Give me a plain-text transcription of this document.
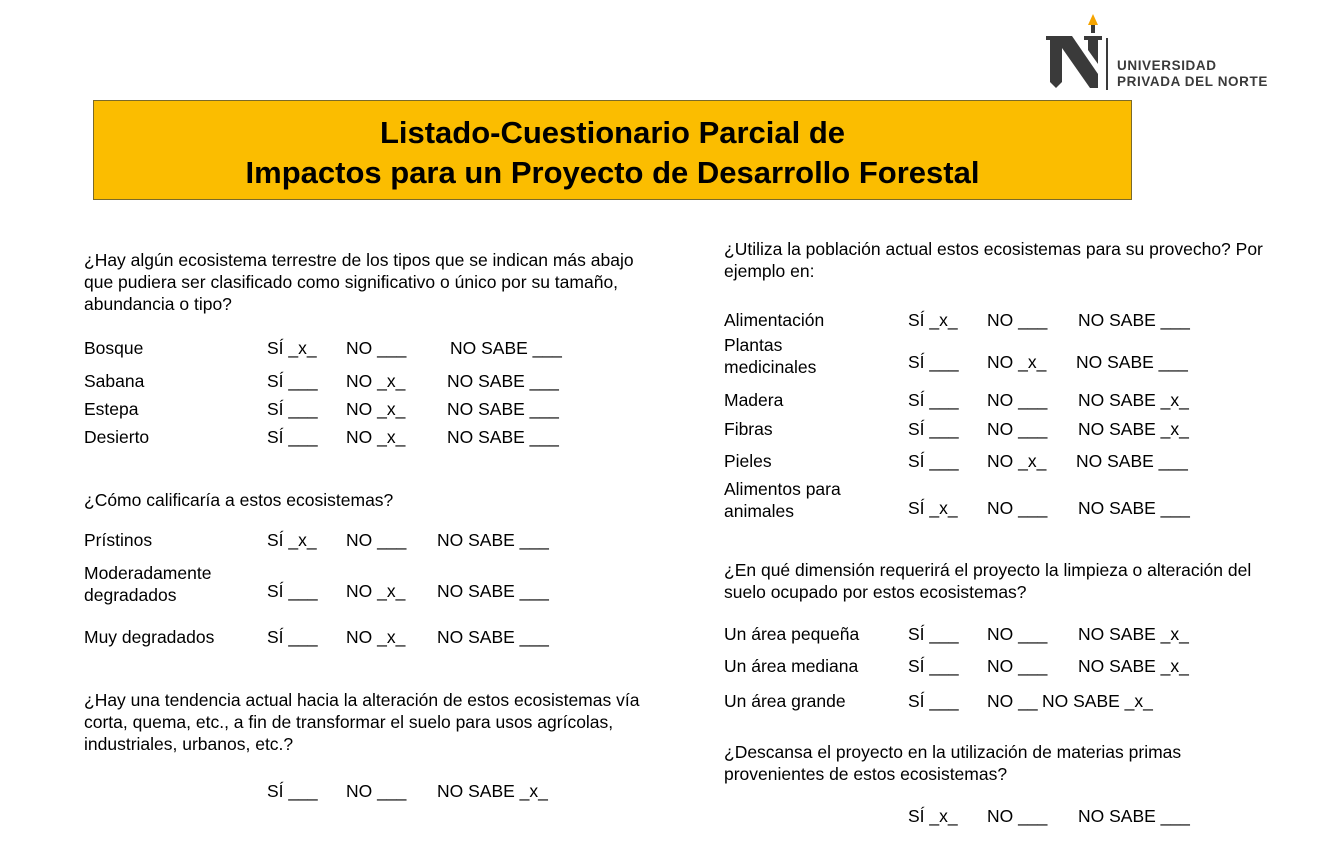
UNIVERSIDAD
PRIVADA DEL NORTE
Listado-Cuestionario Parcial de
Impactos para un Proyecto de Desarrollo Forestal
¿Hay algún ecosistema terrestre de los tipos que se indican más abajo que pudiera ser clasificado como significativo o único por su tamaño, abundancia o tipo?
Bosque	SÍ _x_ NO ___ NO SABE ___
Sabana	SÍ ___ NO _x_ NO SABE ___
Estepa	SÍ ___ NO _x_ NO SABE ___
Desierto	SÍ ___ NO _x_ NO SABE ___
¿Cómo calificaría a estos ecosistemas?
Prístinos	SÍ _x_ NO ___ NO SABE ___
Moderadamente
degradados	SÍ ___ NO _x_ NO SABE ___
Muy degradados	SÍ ___ NO _x_ NO SABE ___
¿Hay una tendencia actual hacia la alteración de estos ecosistemas vía corta, quema, etc., a fin de transformar el suelo para usos agrícolas, industriales, urbanos, etc.?
SÍ ___ NO ___ NO SABE _x_
¿Utiliza la población actual estos ecosistemas para su provecho? Por ejemplo en:
Alimentación	SÍ _x_ NO ___ NO SABE ___
Plantas
medicinales	SÍ ___ NO _x_ NO SABE ___
Madera	SÍ ___ NO ___ NO SABE _x_
Fibras	SÍ ___ NO ___ NO SABE _x_
Pieles	SÍ ___ NO _x_ NO SABE ___
Alimentos para
animales	SÍ _x_ NO ___ NO SABE ___
¿En qué dimensión requerirá el proyecto la limpieza o alteración del suelo ocupado por estos ecosistemas?
Un área pequeña	SÍ ___ NO ___ NO SABE _x_
Un área mediana	SÍ ___ NO ___ NO SABE _x_
Un área grande	SÍ ___ NO __ NO SABE _x_
¿Descansa el proyecto en la utilización de materias primas provenientes de estos ecosistemas?
SÍ _x_ NO ___ NO SABE ___
